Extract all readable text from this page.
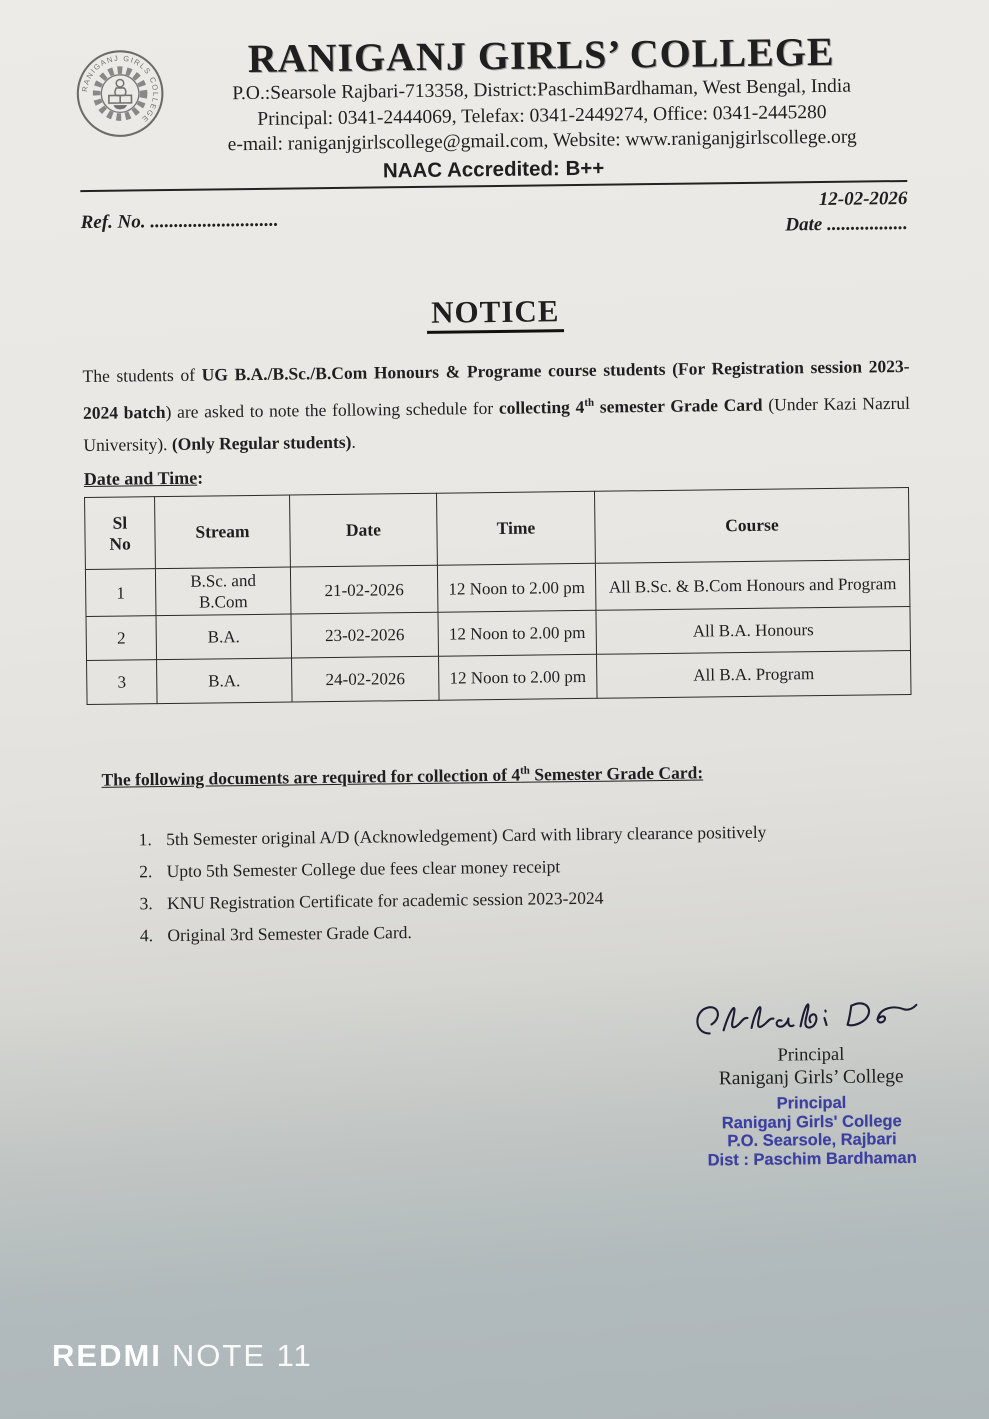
RANIGANJ GIRLS COLLEGE
RANIGANJ GIRLS’ COLLEGE
P.O.:Searsole Rajbari-713358, District:PaschimBardhaman, West Bengal, India
Principal: 0341-2444069, Telefax: 0341-2449274, Office: 0341-2445280
e-mail: raniganjgirlscollege@gmail.com, Website: www.raniganjgirlscollege.org
NAAC Accredited: B++
Ref. No. ...........................
12-02-2026
Date .................
NOTICE
The students of UG B.A./B.Sc./B.Com Honours & Programe course students (For Registration session 2023-2024 batch) are asked to note the following schedule for collecting 4th semester Grade Card (Under Kazi Nazrul University). (Only Regular students).
Date and Time:
Sl
No	Stream	Date	Time	Course
1	B.Sc. and B.Com	21-02-2026	12 Noon to 2.00 pm	All B.Sc. & B.Com Honours and Program
2	B.A.	23-02-2026	12 Noon to 2.00 pm	All B.A. Honours
3	B.A.	24-02-2026	12 Noon to 2.00 pm	All B.A. Program
The following documents are required for collection of 4th Semester Grade Card:
1. 5th Semester original A/D (Acknowledgement) Card with library clearance positively
2. Upto 5th Semester College due fees clear money receipt
3. KNU Registration Certificate for academic session 2023-2024
4. Original 3rd Semester Grade Card.
Principal
Raniganj Girls’ College
Principal
Raniganj Girls' College
P.O. Searsole, Rajbari
Dist : Paschim Bardhaman
REDMI NOTE 11
